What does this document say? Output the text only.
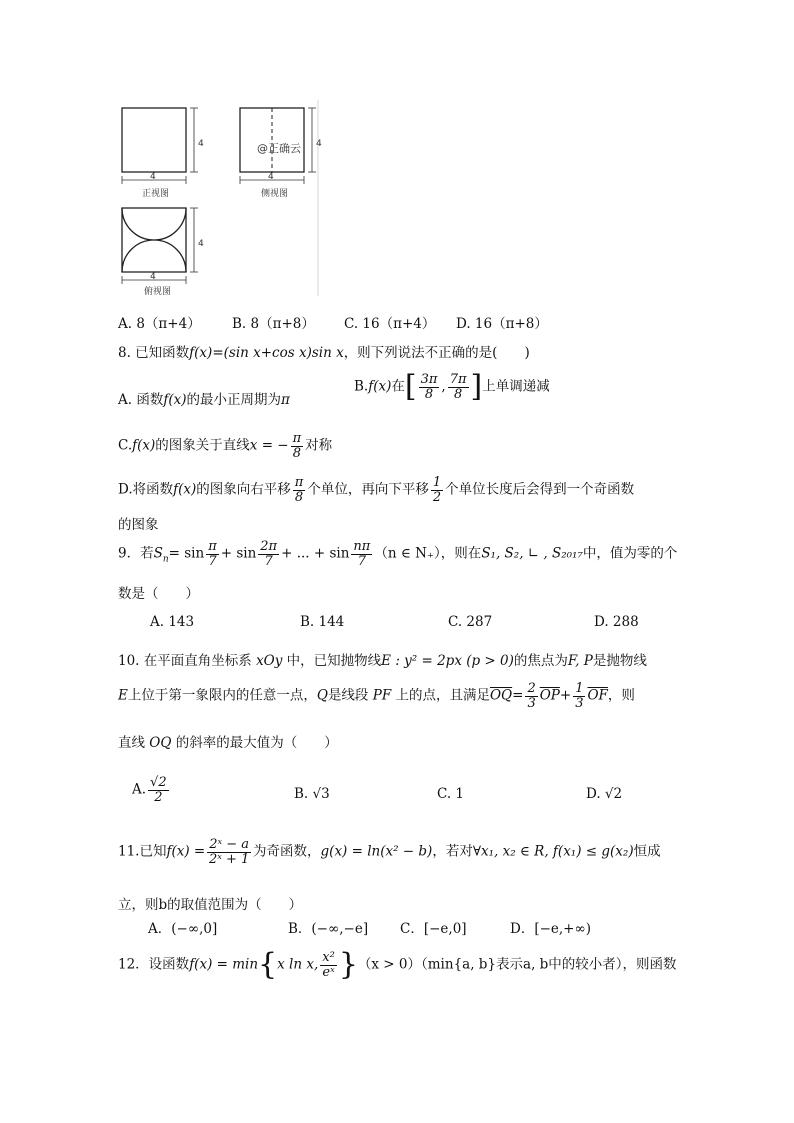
4
4
正视图
4
4
侧视图
@正确云
4
4
俯视图
A. 8（π+4） B. 8（π+8） C. 16（π+4） D. 16（π+8）
8. 已知函数f(x)=(sin x+cos x)sin x，则下列说法不正确的是(　　)
A. 函数f(x)的最小正周期为π
B.f(x)在[ $\frac{3\pi}{8}$ , $\frac{7\pi}{8}$ ]上单调递减
C.f(x)的图象关于直线x = − $\frac{\pi}{8}$ 对称
D.将函数f(x)的图象向右平移 $\frac{\pi}{8}$ 个单位，再向下平移 $\frac{1}{2}$ 个单位长度后会得到一个奇函数
的图象
9．若$S_n= \sin \frac{\pi}{7} + \sin \frac{2\pi}{7}$ + ... + $\sin \frac{n\pi}{7} (n$ ∈ N₊），则在S₁, S₂, ∟ , S₂₀₁₇中，值为零的个
数是（　　）
A. 143	B. 144	C. 287	D. 288
10. 在平面直角坐标系 xOy 中，已知抛物线E : y² = 2px (p > 0)的焦点为F, P是抛物线
E上位于第一象限内的任意一点，Q是线段 PF 上的点，且满足$\overline{OQ}= \frac{2}{3} \overline{OP}+ \frac{1}{3} \overline{OF}$，则
直线 OQ 的斜率的最大值为（　　）
A. $\frac{√2}{2}$	B. √3	C. 1	D. √2
11.已知$f(x) = \frac{\text{2ˣ − a}}{\text{2ˣ + 1}}$ 为奇函数，g(x) = ln(x² − b)，若对∀x₁, x₂ ∈ R, f(x₁) ≤ g(x₂)恒成
立，则b的取值范围为（　　）
A．(−∞,0]	B．(−∞,−e] C．[−e,0]	D．[−e,+∞)
12．设函数f(x) = min{x ln x, $\frac{\text{x²}}{\text{eˣ}} \}(x > 0)(\min\{a$, b}表示a, b中的较小者），则函数
